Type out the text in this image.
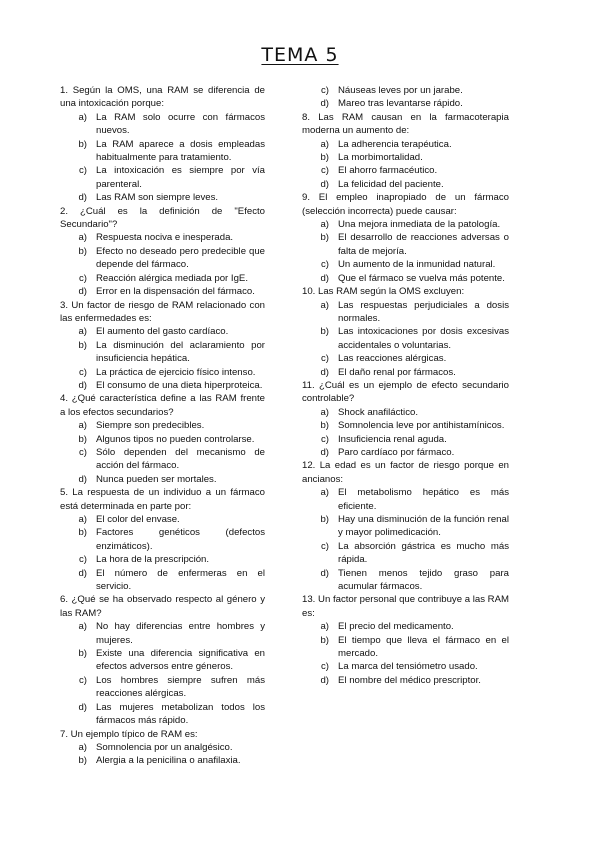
TEMA 5
1. Según la OMS, una RAM se diferencia de una intoxicación porque:
a) La RAM solo ocurre con fármacos nuevos.
b) La RAM aparece a dosis empleadas habitualmente para tratamiento.
c) La intoxicación es siempre por vía parenteral.
d) Las RAM son siempre leves.
2. ¿Cuál es la definición de "Efecto Secundario"?
a) Respuesta nociva e inesperada.
b) Efecto no deseado pero predecible que depende del fármaco.
c) Reacción alérgica mediada por IgE.
d) Error en la dispensación del fármaco.
3. Un factor de riesgo de RAM relacionado con las enfermedades es:
a) El aumento del gasto cardíaco.
b) La disminución del aclaramiento por insuficiencia hepática.
c) La práctica de ejercicio físico intenso.
d) El consumo de una dieta hiperproteica.
4. ¿Qué característica define a las RAM frente a los efectos secundarios?
a) Siempre son predecibles.
b) Algunos tipos no pueden controlarse.
c) Sólo dependen del mecanismo de acción del fármaco.
d) Nunca pueden ser mortales.
5. La respuesta de un individuo a un fármaco está determinada en parte por:
a) El color del envase.
b) Factores genéticos (defectos enzimáticos).
c) La hora de la prescripción.
d) El número de enfermeras en el servicio.
6. ¿Qué se ha observado respecto al género y las RAM?
a) No hay diferencias entre hombres y mujeres.
b) Existe una diferencia significativa en efectos adversos entre géneros.
c) Los hombres siempre sufren más reacciones alérgicas.
d) Las mujeres metabolizan todos los fármacos más rápido.
7. Un ejemplo típico de RAM es:
a) Somnolencia por un analgésico.
b) Alergia a la penicilina o anafilaxia.
c) Náuseas leves por un jarabe.
d) Mareo tras levantarse rápido.
8. Las RAM causan en la farmacoterapia moderna un aumento de:
a) La adherencia terapéutica.
b) La morbimortalidad.
c) El ahorro farmacéutico.
d) La felicidad del paciente.
9. El empleo inapropiado de un fármaco (selección incorrecta) puede causar:
a) Una mejora inmediata de la patología.
b) El desarrollo de reacciones adversas o falta de mejoría.
c) Un aumento de la inmunidad natural.
d) Que el fármaco se vuelva más potente.
10. Las RAM según la OMS excluyen:
a) Las respuestas perjudiciales a dosis normales.
b) Las intoxicaciones por dosis excesivas accidentales o voluntarias.
c) Las reacciones alérgicas.
d) El daño renal por fármacos.
11. ¿Cuál es un ejemplo de efecto secundario controlable?
a) Shock anafiláctico.
b) Somnolencia leve por antihistamínicos.
c) Insuficiencia renal aguda.
d) Paro cardíaco por fármaco.
12. La edad es un factor de riesgo porque en ancianos:
a) El metabolismo hepático es más eficiente.
b) Hay una disminución de la función renal y mayor polimedicación.
c) La absorción gástrica es mucho más rápida.
d) Tienen menos tejido graso para acumular fármacos.
13. Un factor personal que contribuye a las RAM es:
a) El precio del medicamento.
b) El tiempo que lleva el fármaco en el mercado.
c) La marca del tensiómetro usado.
d) El nombre del médico prescriptor.
